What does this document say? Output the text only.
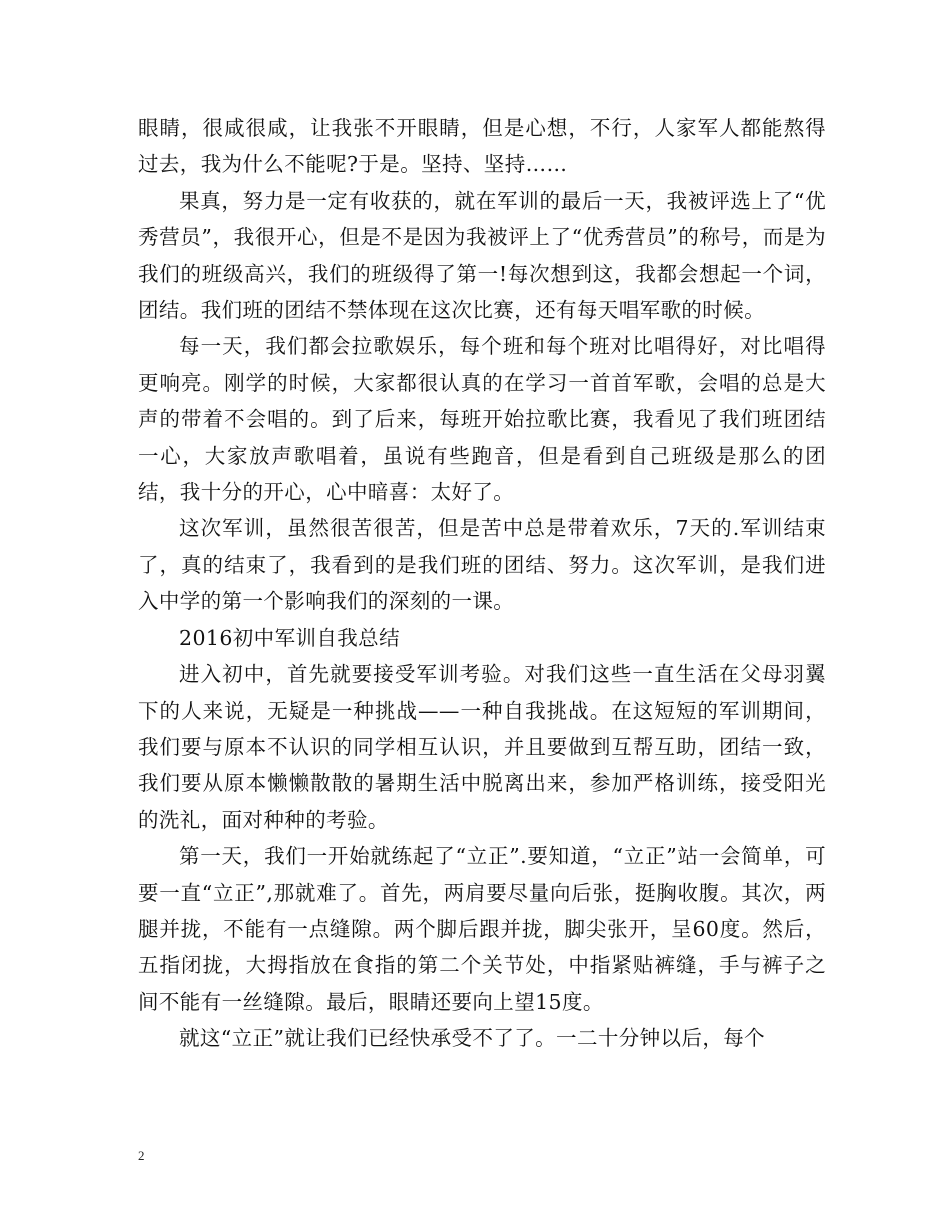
眼睛，很咸很咸，让我张不开眼睛，但是心想，不行，人家军人都能熬得过去，我为什么不能呢?于是。坚持、坚持……

果真，努力是一定有收获的，就在军训的最后一天，我被评选上了“优秀营员”，我很开心，但是不是因为我被评上了“优秀营员”的称号，而是为我们的班级高兴，我们的班级得了第一!每次想到这，我都会想起一个词，团结。我们班的团结不禁体现在这次比赛，还有每天唱军歌的时候。

每一天，我们都会拉歌娱乐，每个班和每个班对比唱得好，对比唱得更响亮。刚学的时候，大家都很认真的在学习一首首军歌，会唱的总是大声的带着不会唱的。到了后来，每班开始拉歌比赛，我看见了我们班团结一心，大家放声歌唱着，虽说有些跑音，但是看到自己班级是那么的团结，我十分的开心，心中暗喜：太好了。

这次军训，虽然很苦很苦，但是苦中总是带着欢乐，7天的.军训结束了，真的结束了，我看到的是我们班的团结、努力。这次军训，是我们进入中学的第一个影响我们的深刻的一课。

2016初中军训自我总结

进入初中，首先就要接受军训考验。对我们这些一直生活在父母羽翼下的人来说，无疑是一种挑战——一种自我挑战。在这短短的军训期间，我们要与原本不认识的同学相互认识，并且要做到互帮互助，团结一致，我们要从原本懒懒散散的暑期生活中脱离出来，参加严格训练，接受阳光的洗礼，面对种种的考验。

第一天，我们一开始就练起了“立正”.要知道，“立正”站一会简单，可要一直“立正”,那就难了。首先，两肩要尽量向后张，挺胸收腹。其次，两腿并拢，不能有一点缝隙。两个脚后跟并拢，脚尖张开，呈60度。然后，五指闭拢，大拇指放在食指的第二个关节处，中指紧贴裤缝，手与裤子之间不能有一丝缝隙。最后，眼睛还要向上望15度。

就这“立正”就让我们已经快承受不了了。一二十分钟以后，每个

2
